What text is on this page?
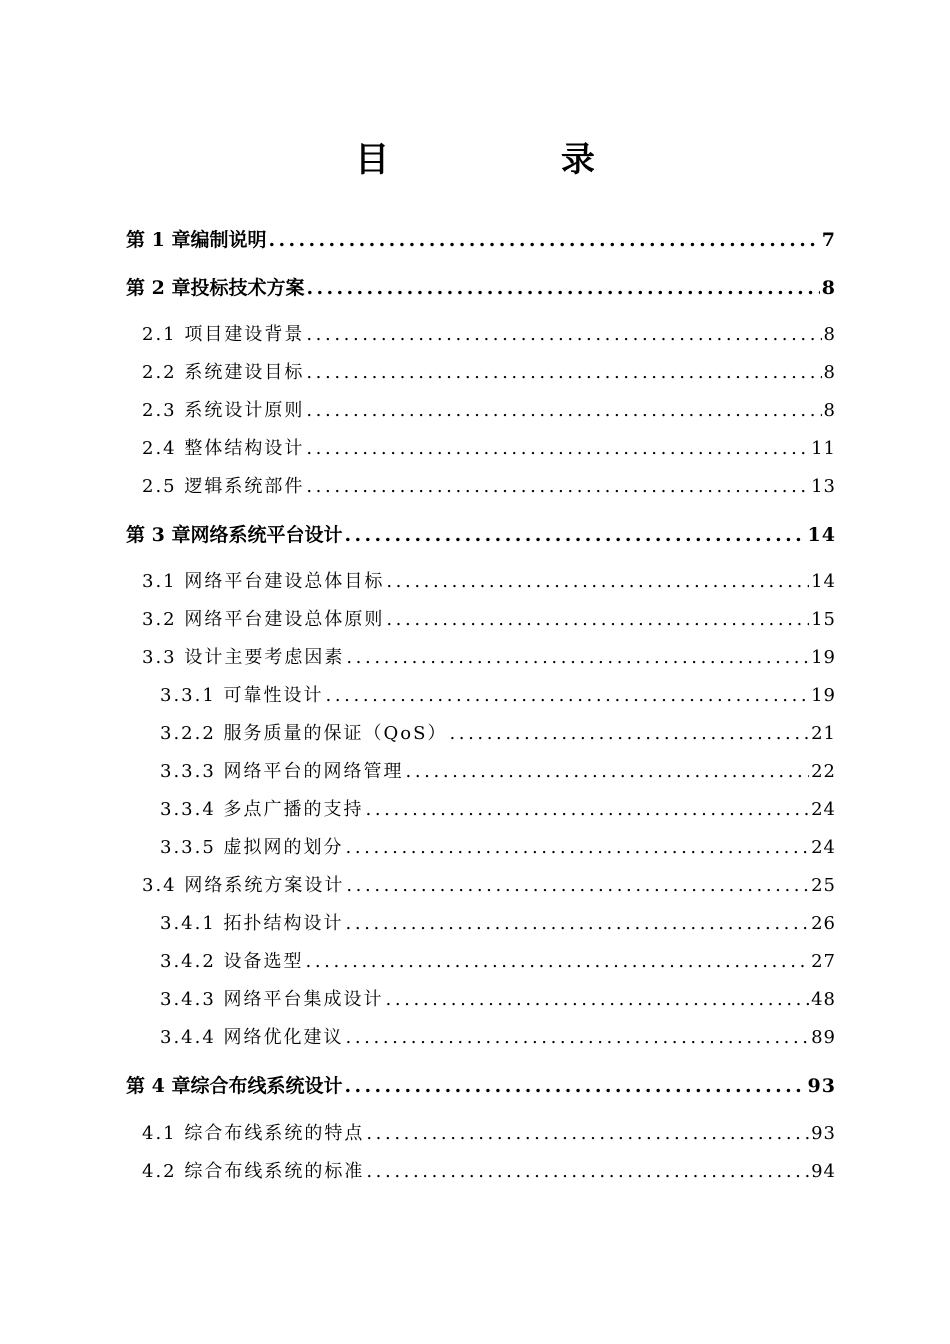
目 录
第 1 章编制说明 .....	7
第 2 章投标技术方案 .....	8
2.1 项目建设背景 .....	8
2.2 系统建设目标 .....	8
2.3 系统设计原则 .....	8
2.4 整体结构设计 .....	11
2.5 逻辑系统部件 .....	13
第 3 章网络系统平台设计 .....	14
3.1 网络平台建设总体目标 .....	14
3.2 网络平台建设总体原则 .....	15
3.3 设计主要考虑因素 .....	19
3.3.1 可靠性设计 .....	19
3.2.2 服务质量的保证（QoS） .....	21
3.3.3 网络平台的网络管理 .....	22
3.3.4 多点广播的支持 .....	24
3.3.5 虚拟网的划分 .....	24
3.4 网络系统方案设计 .....	25
3.4.1 拓扑结构设计 .....	26
3.4.2 设备选型 .....	27
3.4.3 网络平台集成设计 .....	48
3.4.4 网络优化建议 .....	89
第 4 章综合布线系统设计 .....	93
4.1 综合布线系统的特点 .....	93
4.2 综合布线系统的标准 .....	94
